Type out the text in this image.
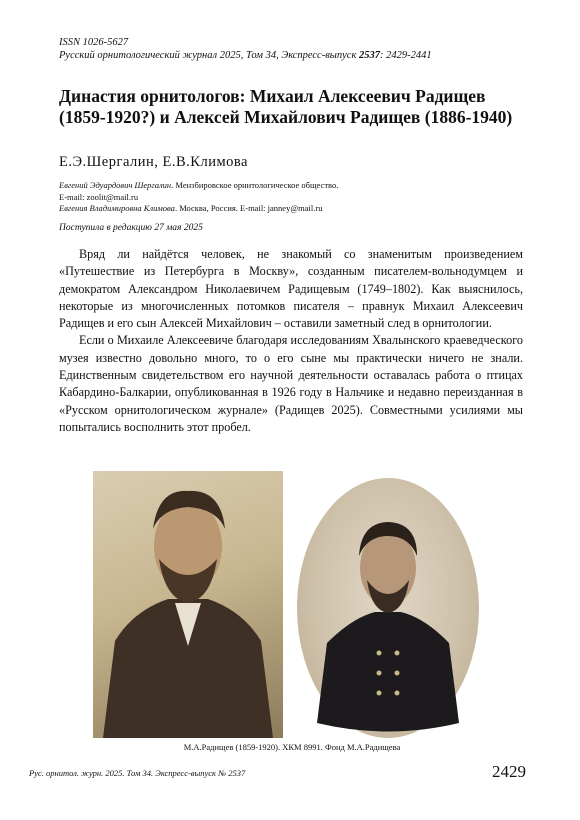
ISSN 1026-5627
Русский орнитологический журнал 2025, Том 34, Экспресс-выпуск 2537: 2429-2441
Династия орнитологов: Михаил Алексеевич Радищев (1859-1920?) и Алексей Михайлович Радищев (1886-1940)
Е.Э.Шергалин, Е.В.Климова
Евгений Эдуардович Шергалин. Мензбировское орнитологическое общество.
E-mail: zoolit@mail.ru
Евгения Владимировна Климова. Москва, Россия. E-mail: janney@mail.ru
Поступила в редакцию 27 мая 2025

Вряд ли найдётся человек, не знакомый со знаменитым произведением «Путешествие из Петербурга в Москву», созданным писателем-вольнодумцем и демократом Александром Николаевичем Радищевым (1749–1802). Как выяснилось, некоторые из многочисленных потомков писателя – правнук Михаил Алексеевич Радищев и его сын Алексей Михайлович – оставили заметный след в орнитологии.

Если о Михаиле Алексеевиче благодаря исследованиям Хвалынского краеведческого музея известно довольно много, то о его сыне мы практически ничего не знали. Единственным свидетельством его научной деятельности оставалась работа о птицах Кабардино-Балкарии, опубликованная в 1926 году в Нальчике и недавно переизданная в «Русском орнитологическом журнале» (Радищев 2025). Совместными усилиями мы попытались восполнить этот пробел.

М.А.Радищев (1859-1920). ХКМ 8991. Фонд М.А.Радищева
Рус. орнитол. журн. 2025. Том 34. Экспресс-выпуск № 2537	2429
